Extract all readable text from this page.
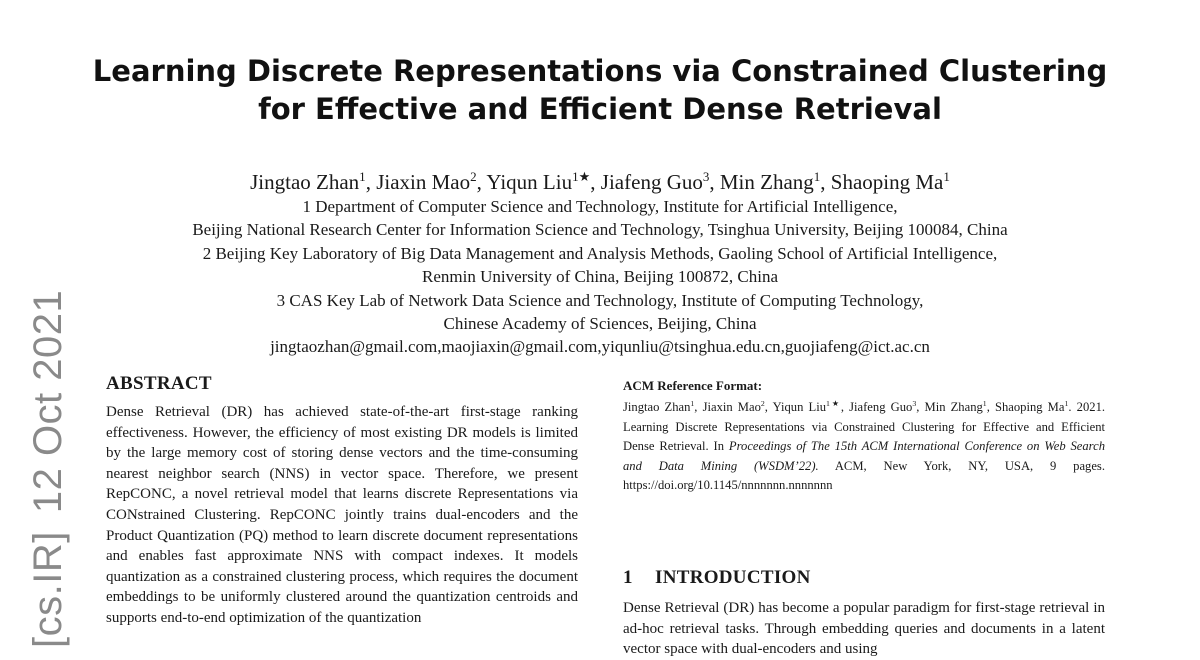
[cs.IR]12 Oct 2021
Learning Discrete Representations via Constrained Clustering
for Effective and Efficient Dense Retrieval
Jingtao Zhan$^1$, Jiaxin Mao$^2$, Yiqun Liu$^{1★}$, Jiafeng Guo$^3$, Min Zhang$^1$, Shaoping Ma$^1$
1 Department of Computer Science and Technology, Institute for Artificial Intelligence,
Beijing National Research Center for Information Science and Technology, Tsinghua University, Beijing 100084, China
2 Beijing Key Laboratory of Big Data Management and Analysis Methods, Gaoling School of Artificial Intelligence,
Renmin University of China, Beijing 100872, China
3 CAS Key Lab of Network Data Science and Technology, Institute of Computing Technology,
Chinese Academy of Sciences, Beijing, China
jingtaozhan@gmail.com,maojiaxin@gmail.com,yiqunliu@tsinghua.edu.cn,guojiafeng@ict.ac.cn
ABSTRACT
Dense Retrieval (DR) has achieved state-of-the-art first-stage ranking effectiveness. However, the efficiency of most existing DR models is limited by the large memory cost of storing dense vectors and the time-consuming nearest neighbor search (NNS) in vector space. Therefore, we present RepCONC, a novel retrieval model that learns discrete Representations via CONstrained Clustering. RepCONC jointly trains dual-encoders and the Product Quantization (PQ) method to learn discrete document representations and enables fast approximate NNS with compact indexes. It models quantization as a constrained clustering process, which requires the document embeddings to be uniformly clustered around the quantization centroids and supports end-to-end optimization of the quantization
ACM Reference Format:
Jingtao Zhan$^1$, Jiaxin Mao$^2$, Yiqun Liu$^{1★}$, Jiafeng Guo$^3$, Min Zhang$^1$, Shaoping Ma$^1$. 2021. Learning Discrete Representations via Constrained Clustering for Effective and Efficient Dense Retrieval. In Proceedings of The 15th ACM International Conference on Web Search and Data Mining (WSDM’22). ACM, New York, NY, USA, 9 pages. https://doi.org/10.1145/nnnnnnn.nnnnnnn
1 INTRODUCTION
Dense Retrieval (DR) has become a popular paradigm for first-stage retrieval in ad-hoc retrieval tasks. Through embedding queries and documents in a latent vector space with dual-encoders and using
